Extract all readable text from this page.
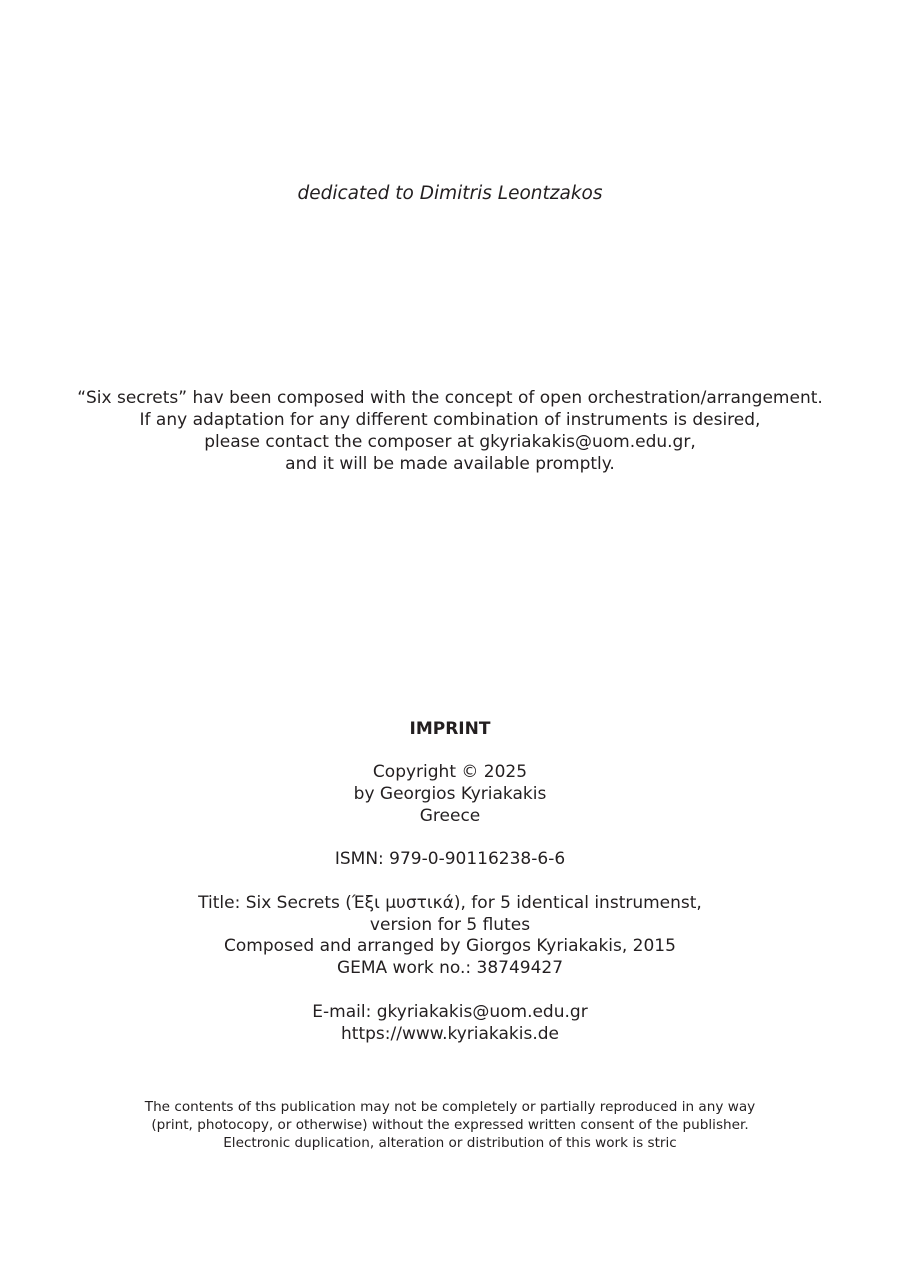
dedicated to Dimitris Leontzakos

“Six secrets” hav been composed with the concept of open orchestration/arrangement.

If any adaptation for any different combination of instruments is desired,

please contact the composer at gkyriakakis@uom.edu.gr,

and it will be made available promptly.

IMPRINT

Copyright © 2025

by Georgios Kyriakakis

Greece

ISMN: 979-0-90116238-6-6

Title: Six Secrets (Έξι μυστικά), for 5 identical instrumenst,

version for 5 flutes

Composed and arranged by Giorgos Kyriakakis, 2015

GEMA work no.: 38749427

E-mail: gkyriakakis@uom.edu.gr

https://www.kyriakakis.de

The contents of ths publication may not be completely or partially reproduced in any way

(print, photocopy, or otherwise) without the expressed written consent of the publisher.

Electronic duplication, alteration or distribution of this work is stric
